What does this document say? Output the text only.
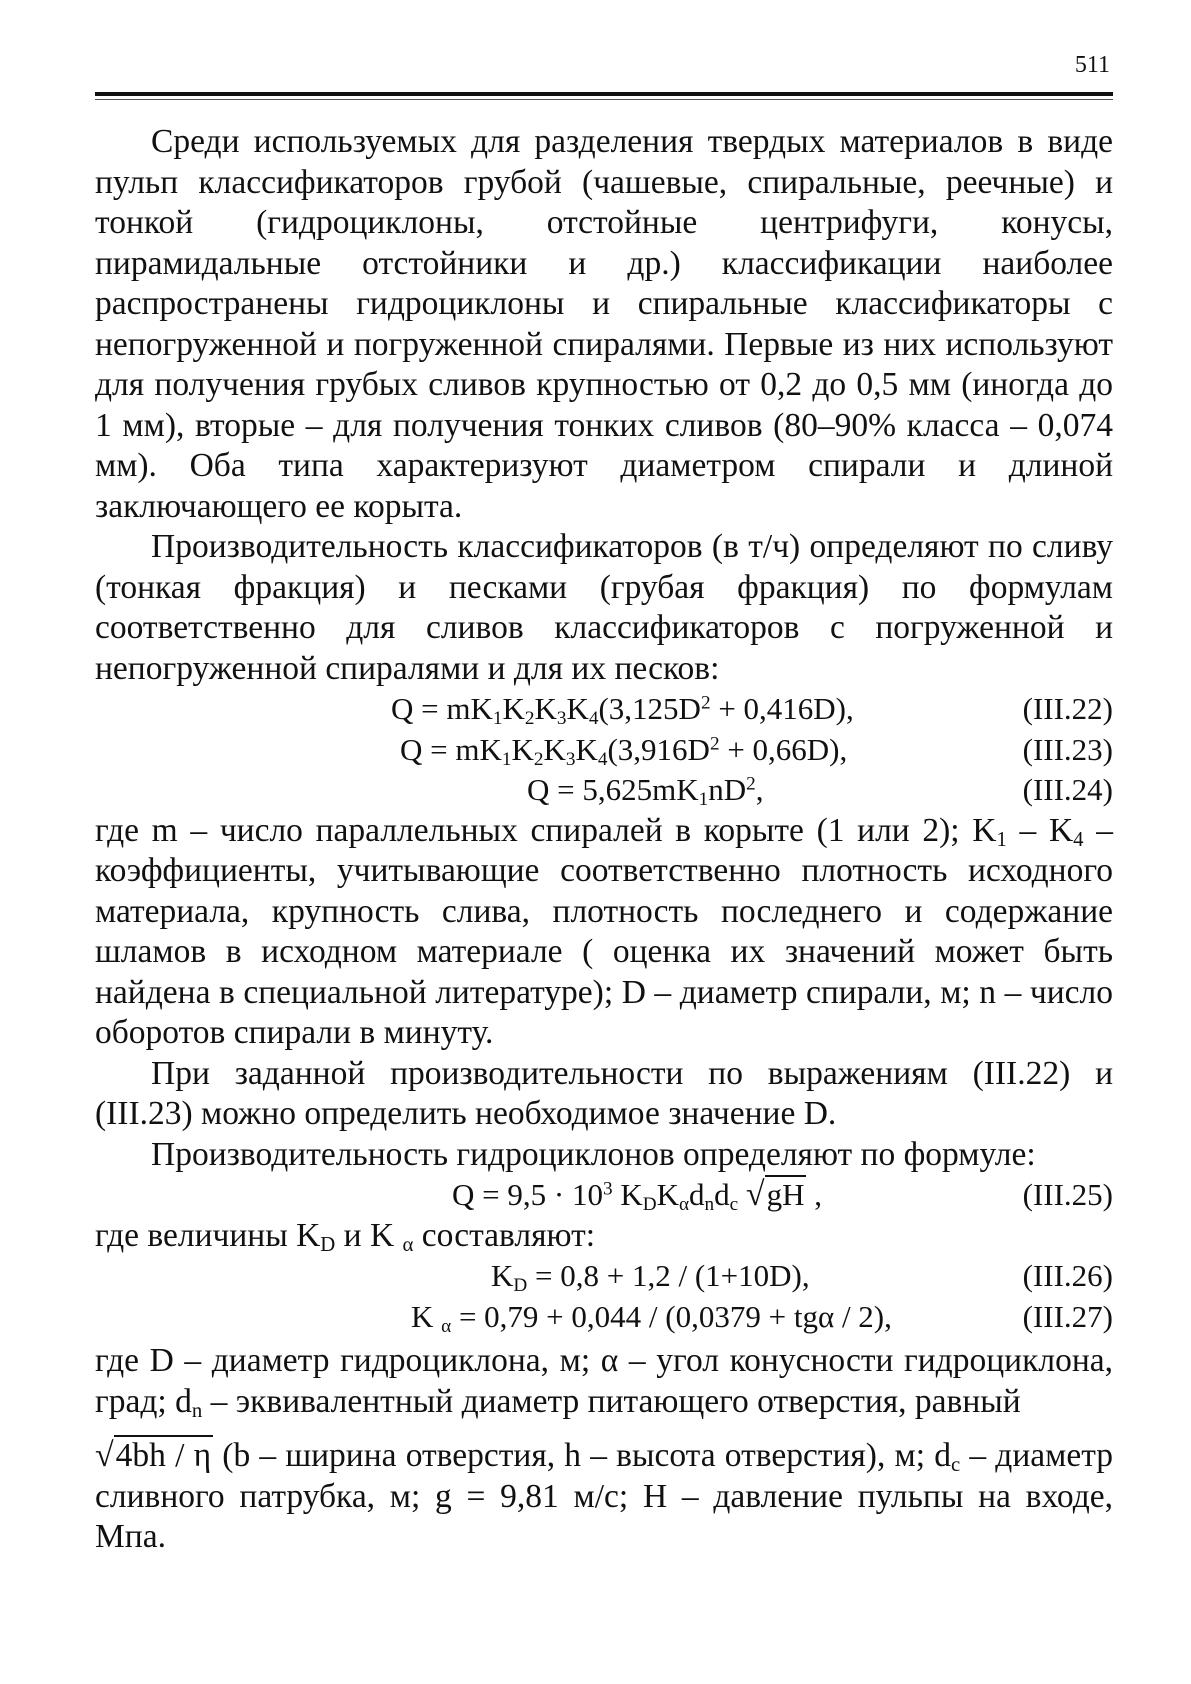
511

Среди используемых для разделения твердых материалов в виде пульп классификаторов грубой (чашевые, спиральные, реечные) и тонкой (гидроциклоны, отстойные центрифуги, конусы, пирамидальные отстойники и др.) классификации наиболее распространены гидроциклоны и спиральные классификаторы с непогруженной и погруженной спиралями. Первые из них используют для получения грубых сливов крупностью от 0,2 до 0,5 мм (иногда до 1 мм), вторые – для получения тонких сливов (80–90% класса – 0,074 мм). Оба типа характеризуют диаметром спирали и длиной заключающего ее корыта.

Производительность классификаторов (в т/ч) определяют по сливу (тонкая фракция) и песками (грубая фракция) по формулам соответственно для сливов классификаторов с погруженной и непогруженной спиралями и для их песков:

$Q = mK_1K_2K_3K_4(3,125D^2 + 0,416D)$,	(III.22)
$Q = mK_1K_2K_3K_4(3,916D^2 + 0,66D)$,	(III.23)
$Q = 5,625mK_1nD^2$,	(III.24)

где m – число параллельных спиралей в корыте (1 или 2); $K_1 - K_4$ – коэффициенты, учитывающие соответственно плотность исходного материала, крупность слива, плотность последнего и содержание шламов в исходном материале ( оценка их значений может быть найдена в специальной литературе); D – диаметр спирали, м; n – число оборотов спирали в минуту.

При заданной производительности по выражениям (III.22) и (III.23) можно определить необходимое значение D.

Производительность гидроциклонов определяют по формуле:

$Q = 9,5 \cdot 10^3$ $K_DK_\alpha d_nd_c$ √gH ,	(III.25)

где величины $K_D$ и K $_\alpha$ составляют:

$K_D = 0,8 + 1,2 / (1+10D)$,	(III.26)
K $_\alpha$ = 0,79 + 0,044 / (0,0379 + tgα / 2),	(III.27)

где D – диаметр гидроциклона, м; α – угол конусности гидроциклона, град; $d_n$ – эквивалентный диаметр питающего отверстия, равный

√4bh / η (b – ширина отверстия, h – высота отверстия), м; $d_c$ – диаметр сливного патрубка, м; g = 9,81 м/с; H – давление пульпы на входе, Мпа.
